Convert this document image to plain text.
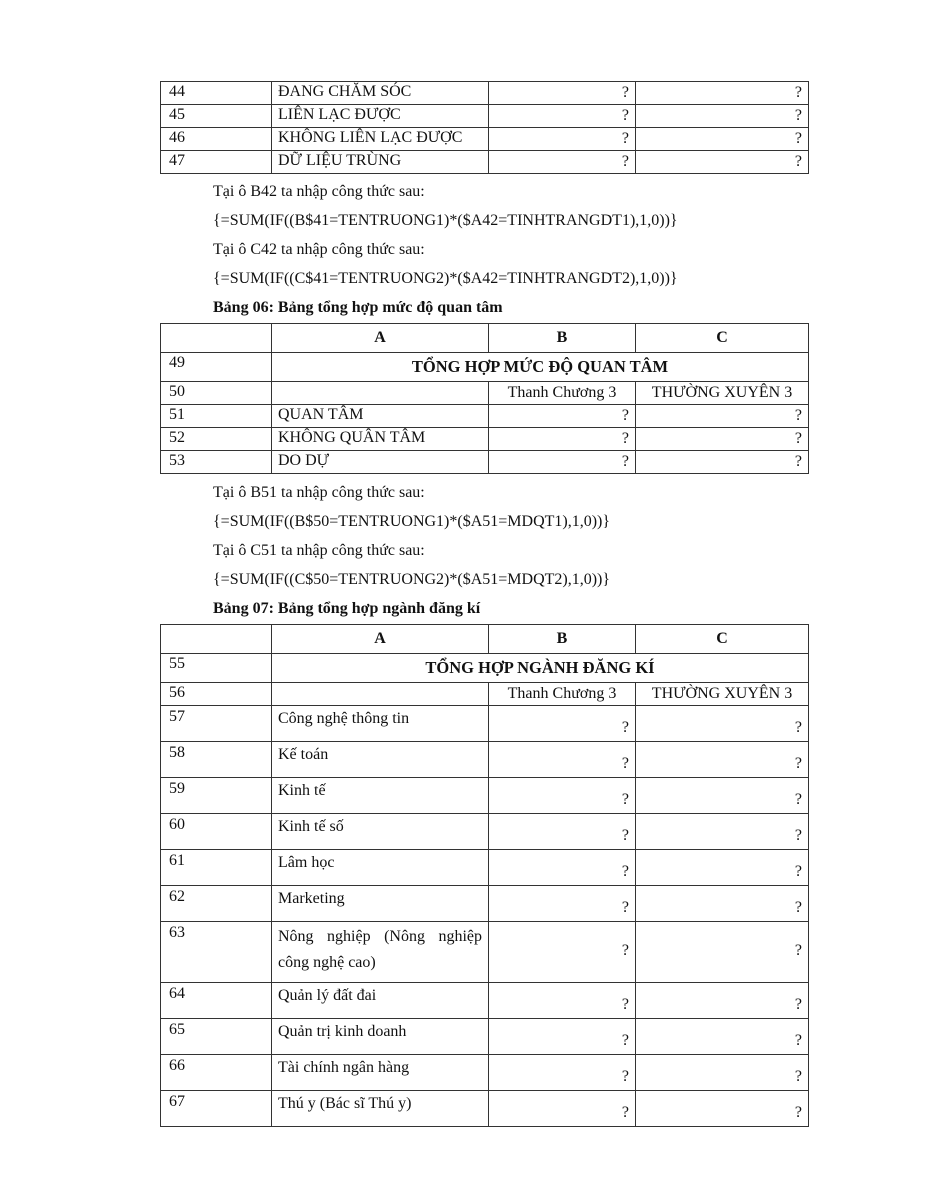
44	ĐANG CHĂM SÓC	?	?
45	LIÊN LẠC ĐƯỢC	?	?
46	KHÔNG LIÊN LẠC ĐƯỢC	?	?
47	DỮ LIỆU TRÙNG	?	?
Tại ô B42 ta nhập công thức sau:
{=SUM(IF((B$41=TENTRUONG1)*($A42=TINHTRANGDT1),1,0))}
Tại ô C42 ta nhập công thức sau:
{=SUM(IF((C$41=TENTRUONG2)*($A42=TINHTRANGDT2),1,0))}
Bảng 06: Bảng tổng hợp mức độ quan tâm
	A	B	C
49	TỔNG HỢP MỨC ĐỘ QUAN TÂM		
50		Thanh Chương 3	THƯỜNG XUYÊN 3
51	QUAN TÂM	?	?
52	KHÔNG QUÂN TÂM	?	?
53	DO DỰ	?	?
Tại ô B51 ta nhập công thức sau:
{=SUM(IF((B$50=TENTRUONG1)*($A51=MDQT1),1,0))}
Tại ô C51 ta nhập công thức sau:
{=SUM(IF((C$50=TENTRUONG2)*($A51=MDQT2),1,0))}
Bảng 07: Bảng tổng hợp ngành đăng kí
	A	B	C
55	TỔNG HỢP NGÀNH ĐĂNG KÍ		
56		Thanh Chương 3	THƯỜNG XUYÊN 3
57	Công nghệ thông tin	?	?
58	Kế toán	?	?
59	Kinh tế	?	?
60	Kinh tế số	?	?
61	Lâm học	?	?
62	Marketing	?	?
63	Nông nghiệp (Nông nghiệp công nghệ cao)	?	?
64	Quản lý đất đai	?	?
65	Quản trị kinh doanh	?	?
66	Tài chính ngân hàng	?	?
67	Thú y (Bác sĩ Thú y)	?	?
